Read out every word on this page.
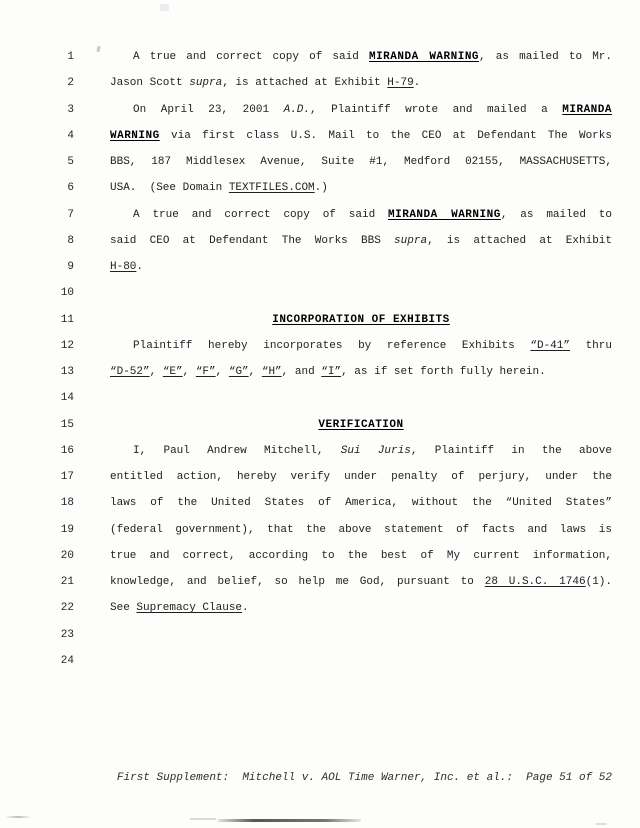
1	A true and correct copy of said MIRANDA WARNING, as mailed to Mr.
2	Jason Scott supra, is attached at Exhibit H-79.
3	On April 23, 2001 A.D., Plaintiff wrote and mailed a MIRANDA
4	WARNING via first class U.S. Mail to the CEO at Defendant The Works
5	BBS, 187 Middlesex Avenue, Suite #1, Medford 02155, MASSACHUSETTS,
6	USA.  (See Domain TEXTFILES.COM.)
7	A true and correct copy of said MIRANDA WARNING, as mailed to
8	said CEO at Defendant The Works BBS supra, is attached at Exhibit
9	H-80.
10
11	INCORPORATION OF EXHIBITS
12	Plaintiff hereby incorporates by reference Exhibits “D-41” thru
13	“D-52”, “E”, “F”, “G”, “H”, and “I”, as if set forth fully herein.
14
15	VERIFICATION
16	I, Paul Andrew Mitchell, Sui Juris, Plaintiff in the above
17	entitled action, hereby verify under penalty of perjury, under the
18	laws of the United States of America, without the “United States”
19	(federal government), that the above statement of facts and laws is
20	true and correct, according to the best of My current information,
21	knowledge, and belief, so help me God, pursuant to 28 U.S.C. 1746(1).
22	See Supremacy Clause.
23
24
First Supplement:  Mitchell v. AOL Time Warner, Inc. et al.:  Page 51 of 52
